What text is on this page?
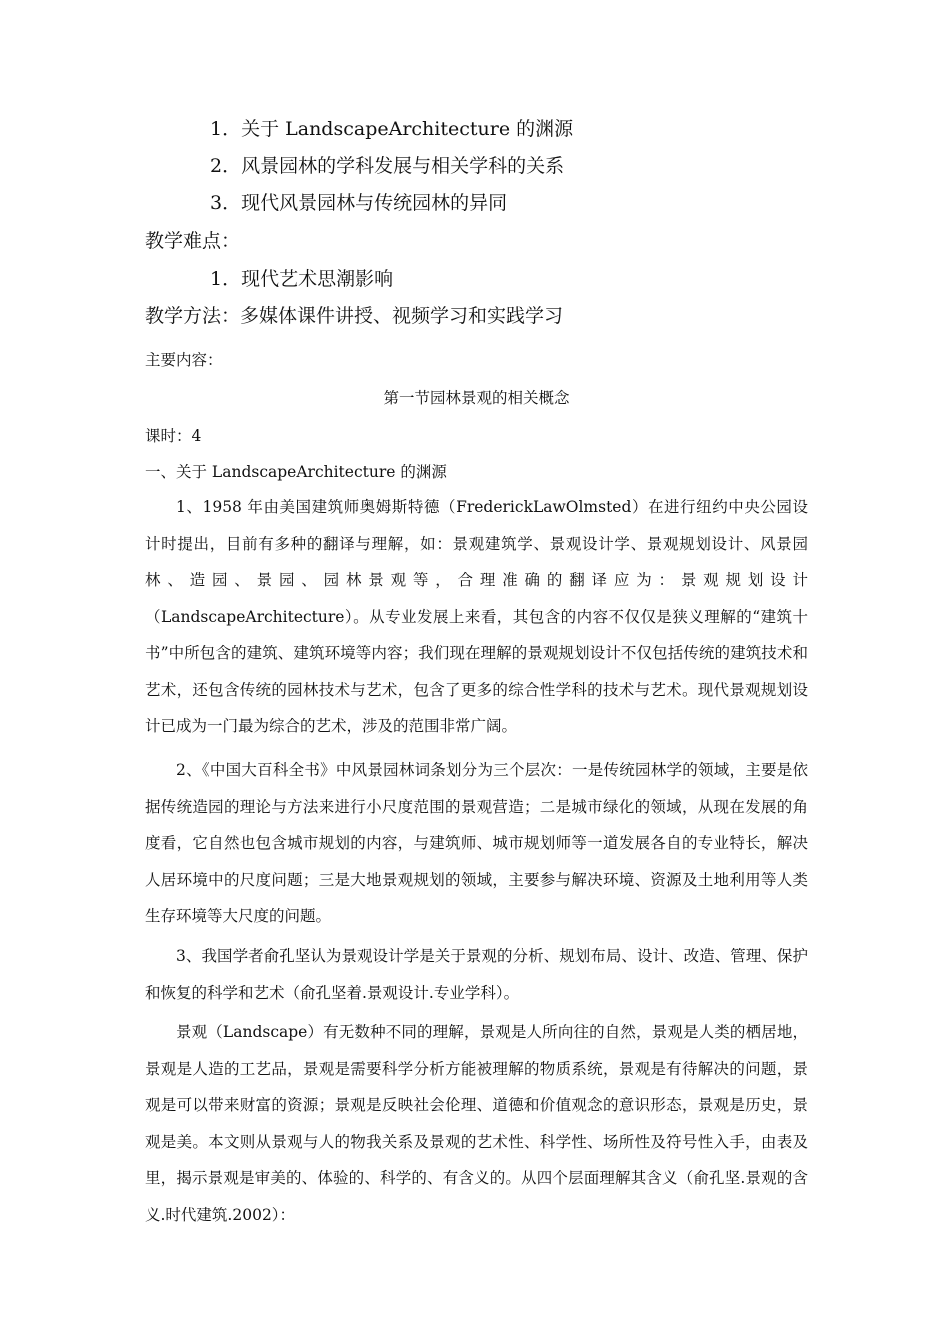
1．关于 LandscapeArchitecture 的渊源

2．风景园林的学科发展与相关学科的关系

3．现代风景园林与传统园林的异同

教学难点：

1．现代艺术思潮影响

教学方法：多媒体课件讲授、视频学习和实践学习

主要内容：

第一节园林景观的相关概念

课时：4

一、关于 LandscapeArchitecture 的渊源

1、1958 年由美国建筑师奥姆斯特德（FrederickLawOlmsted）在进行纽约中央公园设计时提出，目前有多种的翻译与理解，如：景观建筑学、景观设计学、景观规划设计、风景园林、造园、景园、园林景观等，合理准确的翻译应为：景观规划设计（LandscapeArchitecture）。从专业发展上来看，其包含的内容不仅仅是狭义理解的“建筑十书”中所包含的建筑、建筑环境等内容；我们现在理解的景观规划设计不仅包括传统的建筑技术和艺术，还包含传统的园林技术与艺术，包含了更多的综合性学科的技术与艺术。现代景观规划设计已成为一门最为综合的艺术，涉及的范围非常广阔。

2、《中国大百科全书》中风景园林词条划分为三个层次：一是传统园林学的领域，主要是依据传统造园的理论与方法来进行小尺度范围的景观营造；二是城市绿化的领域，从现在发展的角度看，它自然也包含城市规划的内容，与建筑师、城市规划师等一道发展各自的专业特长，解决人居环境中的尺度问题；三是大地景观规划的领域，主要参与解决环境、资源及土地利用等人类生存环境等大尺度的问题。

3、我国学者俞孔坚认为景观设计学是关于景观的分析、规划布局、设计、改造、管理、保护和恢复的科学和艺术（俞孔坚着.景观设计.专业学科）。

景观（Landscape）有无数种不同的理解，景观是人所向往的自然，景观是人类的栖居地，景观是人造的工艺品，景观是需要科学分析方能被理解的物质系统，景观是有待解决的问题，景观是可以带来财富的资源；景观是反映社会伦理、道德和价值观念的意识形态，景观是历史，景观是美。本文则从景观与人的物我关系及景观的艺术性、科学性、场所性及符号性入手，由表及里，揭示景观是审美的、体验的、科学的、有含义的。从四个层面理解其含义（俞孔坚.景观的含义.时代建筑.2002）：
